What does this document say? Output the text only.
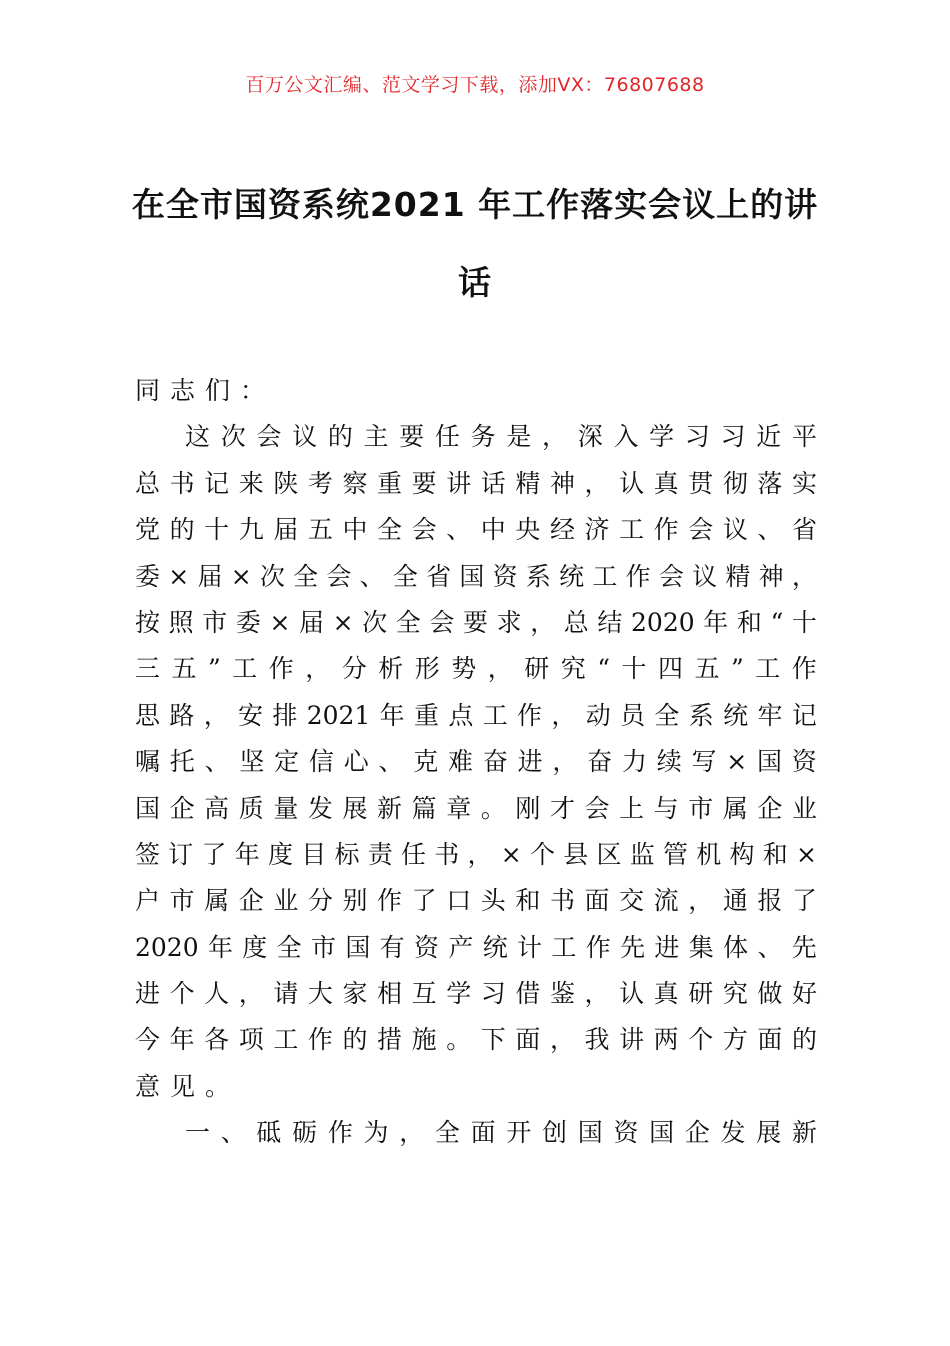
百万公文汇编、范文学习下载，添加VX：76807688
在全市国资系统2021 年工作落实会议上的讲话
同志们：
这 次 会 议 的 主 要 任 务 是 ， 深 入 学 习 习 近 平
总 书 记 来 陕 考 察 重 要 讲 话 精 神 ， 认 真 贯 彻 落 实
党 的 十 九 届 五 中 全 会 、 中 央 经 济 工 作 会 议 、 省
委 × 届 × 次 全 会 、 全 省 国 资 系 统 工 作 会 议 精 神 ，
按 照 市 委 × 届 × 次 全 会 要 求 ， 总 结 2020 年 和 “ 十
三 五 ” 工 作 ， 分 析 形 势 ， 研 究 “ 十 四 五 ” 工 作
思 路 ， 安 排 2021 年 重 点 工 作 ， 动 员 全 系 统 牢 记
嘱 托 、 坚 定 信 心 、 克 难 奋 进 ， 奋 力 续 写 × 国 资
国 企 高 质 量 发 展 新 篇 章 。 刚 才 会 上 与 市 属 企 业
签 订 了 年 度 目 标 责 任 书 ， × 个 县 区 监 管 机 构 和 ×
户 市 属 企 业 分 别 作 了 口 头 和 书 面 交 流 ， 通 报 了
2020 年 度 全 市 国 有 资 产 统 计 工 作 先 进 集 体 、 先
进 个 人 ， 请 大 家 相 互 学 习 借 鉴 ， 认 真 研 究 做 好
今 年 各 项 工 作 的 措 施 。 下 面 ， 我 讲 两 个 方 面 的
意 见 。
一 、 砥 砺 作 为 ， 全 面 开 创 国 资 国 企 发 展 新
